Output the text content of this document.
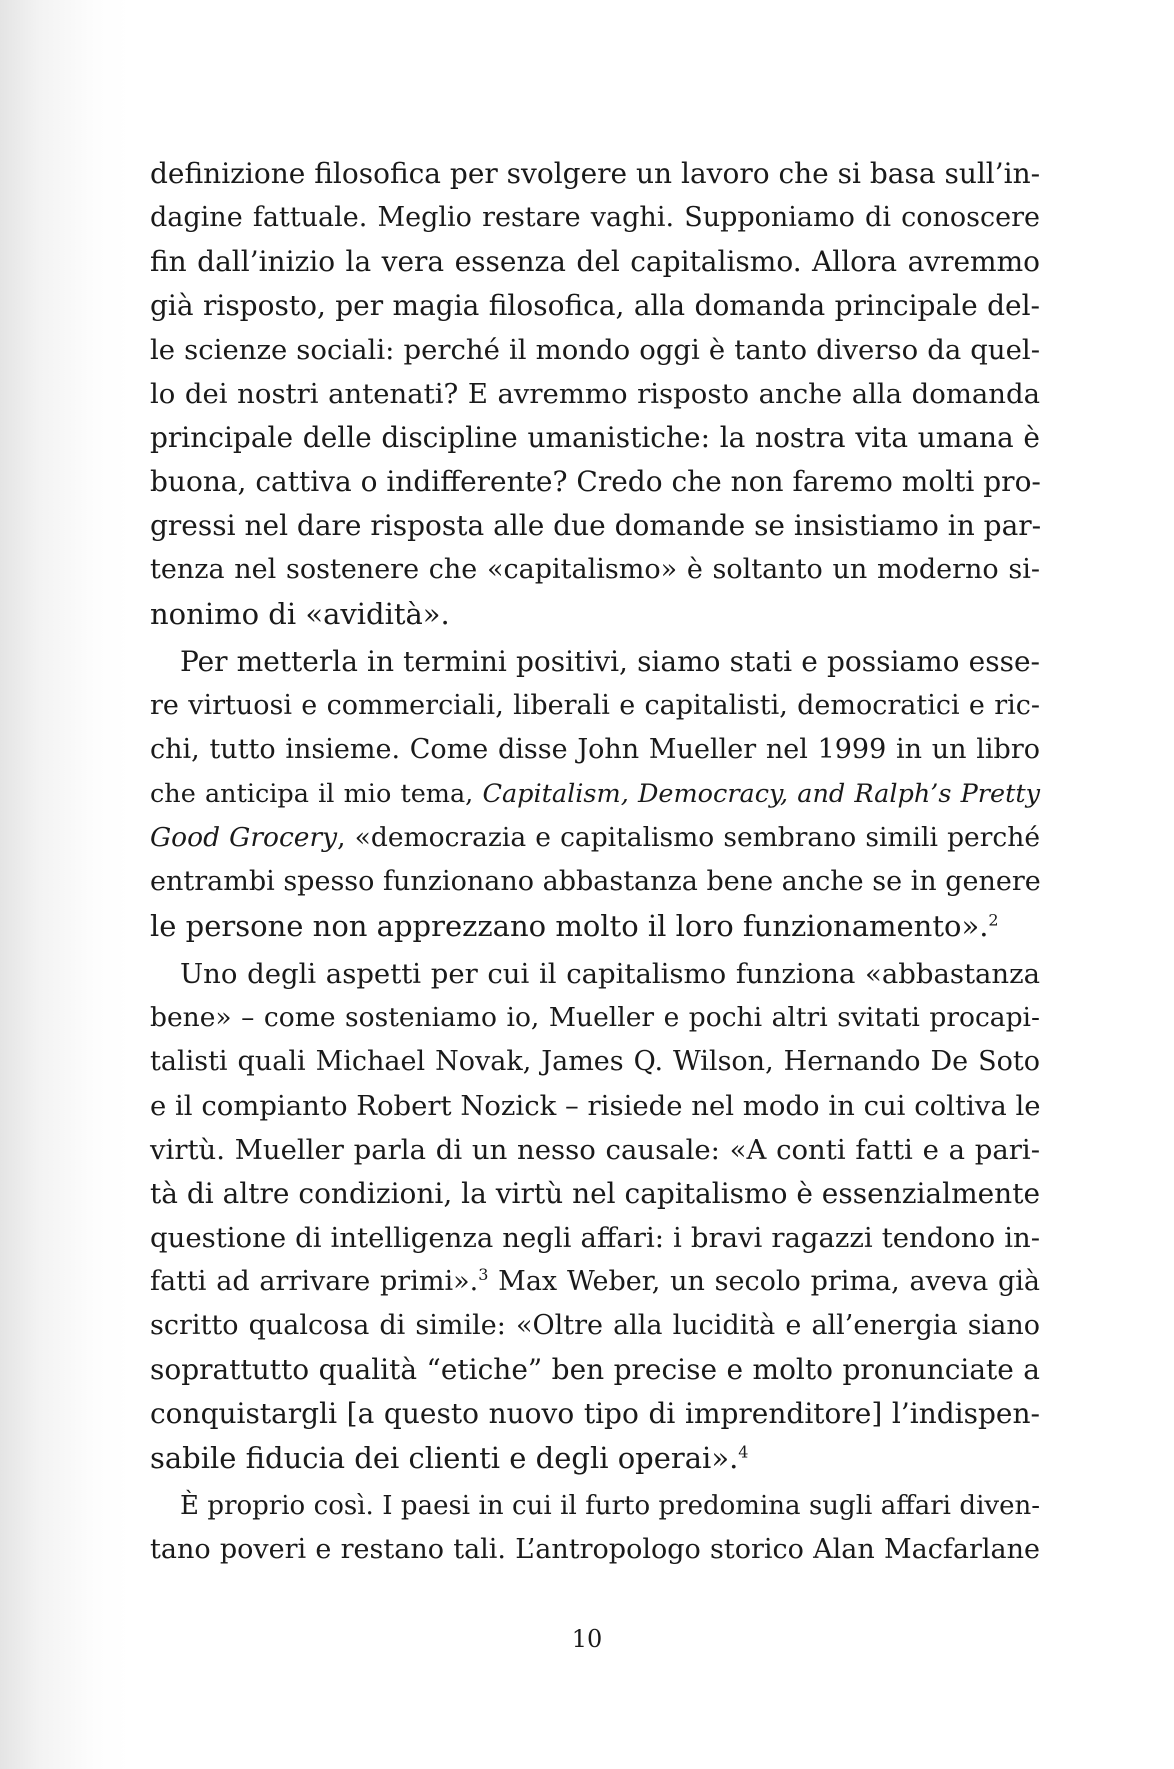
definizione filosofica per svolgere un lavoro che si basa sull’in-
dagine fattuale. Meglio restare vaghi. Supponiamo di conoscere
fin dall’inizio la vera essenza del capitalismo. Allora avremmo
già risposto, per magia filosofica, alla domanda principale del-
le scienze sociali: perché il mondo oggi è tanto diverso da quel-
lo dei nostri antenati? E avremmo risposto anche alla domanda
principale delle discipline umanistiche: la nostra vita umana è
buona, cattiva o indifferente? Credo che non faremo molti pro-
gressi nel dare risposta alle due domande se insistiamo in par-
tenza nel sostenere che «capitalismo» è soltanto un moderno si-
nonimo di «avidità».
Per metterla in termini positivi, siamo stati e possiamo esse-
re virtuosi e commerciali, liberali e capitalisti, democratici e ric-
chi, tutto insieme. Come disse John Mueller nel 1999 in un libro
che anticipa il mio tema, Capitalism, Democracy, and Ralph’s Pretty
Good Grocery, «democrazia e capitalismo sembrano simili perché
entrambi spesso funzionano abbastanza bene anche se in genere
le persone non apprezzano molto il loro funzionamento».$^2$
Uno degli aspetti per cui il capitalismo funziona «abbastanza
bene» – come sosteniamo io, Mueller e pochi altri svitati procapi-
talisti quali Michael Novak, James Q. Wilson, Hernando De Soto
e il compianto Robert Nozick – risiede nel modo in cui coltiva le
virtù. Mueller parla di un nesso causale: «A conti fatti e a pari-
tà di altre condizioni, la virtù nel capitalismo è essenzialmente
questione di intelligenza negli affari: i bravi ragazzi tendono in-
fatti ad arrivare primi».$^3$ Max Weber, un secolo prima, aveva già
scritto qualcosa di simile: «Oltre alla lucidità e all’energia siano
soprattutto qualità “etiche” ben precise e molto pronunciate a
conquistargli [a questo nuovo tipo di imprenditore] l’indispen-
sabile fiducia dei clienti e degli operai».$^4$
È proprio così. I paesi in cui il furto predomina sugli affari diven-
tano poveri e restano tali. L’antropologo storico Alan Macfarlane
10
